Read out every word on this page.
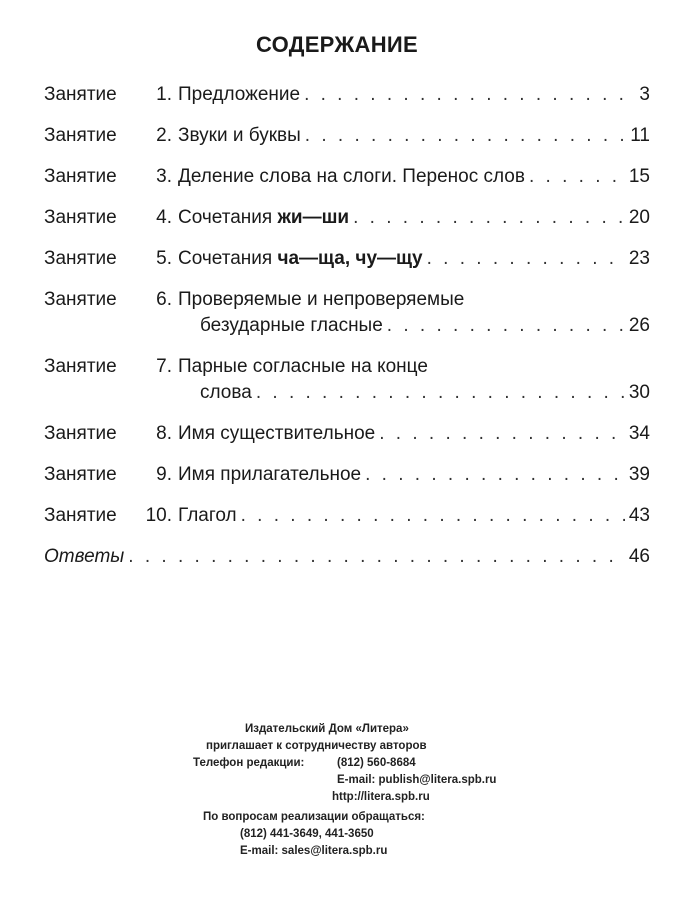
СОДЕРЖАНИЕ
Занятие	1. Предложение . . .	3
Занятие	2. Звуки и буквы . . .	11
Занятие	3. Деление слова на слоги. Перенос слов . . .	15
Занятие	4. Сочетания жи—ши . . .	20
Занятие	5. Сочетания ча—ща, чу—щу . . .	23
Занятие	6. Проверяемые и непроверяемые
безударные гласные . . .	26
Занятие	7. Парные согласные на конце
слова . . .	30
Занятие	8. Имя существительное . . .	34
Занятие	9. Имя прилагательное . . .	39
Занятие	10. Глагол . . .	43
Ответы . . .	46
Издательский Дом «Литера»
приглашает к сотрудничеству авторов
Телефон редакции:	(812) 560-8684
E-mail: publish@litera.spb.ru
http://litera.spb.ru
По вопросам реализации обращаться:
(812) 441-3649, 441-3650
E-mail: sales@litera.spb.ru
